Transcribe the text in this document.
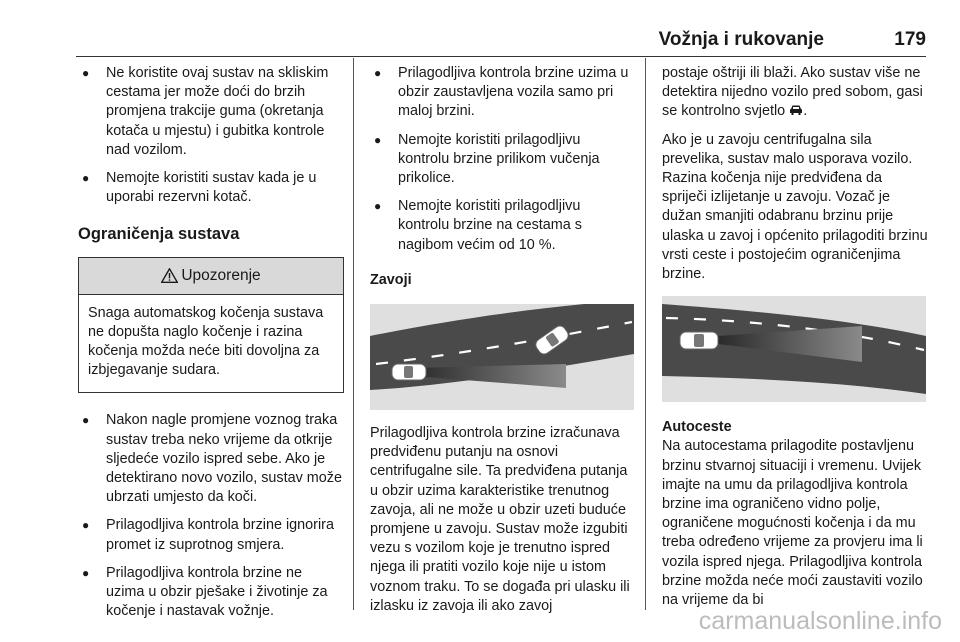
Vožnja i rukovanje	179
● Ne koristite ovaj sustav na skliskim cestama jer može doći do brzih promjena trakcije guma (okretanja kotača u mjestu) i gubitka kontrole nad vozilom.
● Nemojte koristiti sustav kada je u uporabi rezervni kotač.
Ograničenja sustava
Upozorenje
Snaga automatskog kočenja sustava ne dopušta naglo kočenje i razina kočenja možda neće biti dovoljna za izbjegavanje sudara.
● Nakon nagle promjene voznog traka sustav treba neko vrijeme da otkrije sljedeće vozilo ispred sebe. Ako je detektirano novo vozilo, sustav može ubrzati umjesto da koči.
● Prilagodljiva kontrola brzine ignorira promet iz suprotnog smjera.
● Prilagodljiva kontrola brzine ne uzima u obzir pješake i životinje za kočenje i nastavak vožnje.
● Prilagodljiva kontrola brzine uzima u obzir zaustavljena vozila samo pri maloj brzini.
● Nemojte koristiti prilagodljivu kontrolu brzine prilikom vučenja prikolice.
● Nemojte koristiti prilagodljivu kontrolu brzine na cestama s nagibom većim od 10 %.
Zavoji

Prilagodljiva kontrola brzine izračunava predviđenu putanju na osnovi centrifugalne sile. Ta predviđena putanja u obzir uzima karakteristike trenutnog zavoja, ali ne može u obzir uzeti buduće promjene u zavoju. Sustav može izgubiti vezu s vozilom koje je trenutno ispred njega ili pratiti vozilo koje nije u istom voznom traku. To se događa pri ulasku ili izlasku iz zavoja ili ako zavoj

postaje oštriji ili blaži. Ako sustav više ne detektira nijedno vozilo pred sobom, gasi se kontrolno svjetlo .

Ako je u zavoju centrifugalna sila prevelika, sustav malo usporava vozilo. Razina kočenja nije predviđena da spriječi izlijetanje u zavoju. Vozač je dužan smanjiti odabranu brzinu prije ulaska u zavoj i općenito prilagoditi brzinu vrsti ceste i postojećim ograničenjima brzine.

Autoceste

Na autocestama prilagodite postavljenu brzinu stvarnoj situaciji i vremenu. Uvijek imajte na umu da prilagodljiva kontrola brzine ima ograničeno vidno polje, ograničene mogućnosti kočenja i da mu treba određeno vrijeme za provjeru ima li vozila ispred njega. Prilagodljiva kontrola brzine možda neće moći zaustaviti vozilo na vrijeme da bi

carmanualsonline.info
